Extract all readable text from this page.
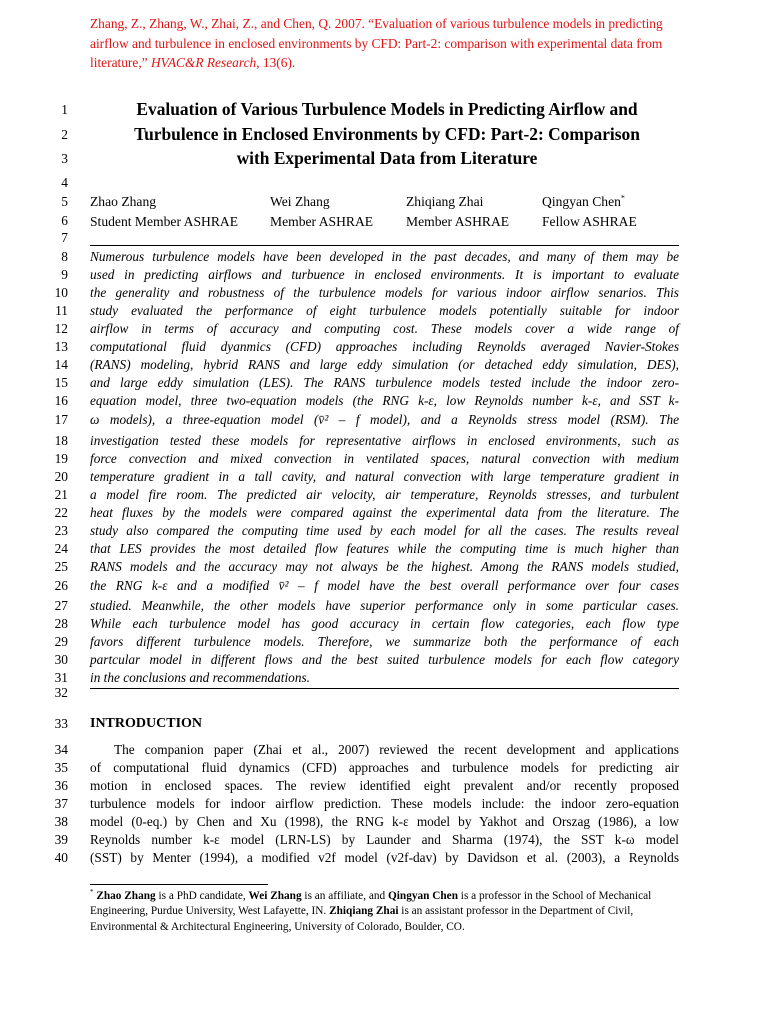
Zhang, Z., Zhang, W., Zhai, Z., and Chen, Q. 2007. “Evaluation of various turbulence models in predicting airflow and turbulence in enclosed environments by CFD: Part-2: comparison with experimental data from literature,” HVAC&R Research, 13(6).
1
2
3
4
5
6
7
8
9
10
11
12
13
14
15
16
17
18
19
20
21
22
23
24
25
26
27
28
29
30
31
32
33
34
35
36
37
38
39
40
Evaluation of Various Turbulence Models in Predicting Airflow and
Turbulence in Enclosed Environments by CFD: Part-2: Comparison
with Experimental Data from Literature
Zhao Zhang
Student Member ASHRAE
Wei Zhang
Member ASHRAE
Zhiqiang Zhai
Member ASHRAE
Qingyan Chen*
Fellow ASHRAE
Numerous turbulence models have been developed in the past decades, and many of them may be
used in predicting airflows and turbuence in enclosed environments. It is important to evaluate
the generality and robustness of the turbulence models for various indoor airflow senarios. This
study evaluated the performance of eight turbulence models potentially suitable for indoor
airflow in terms of accuracy and computing cost. These models cover a wide range of
computational fluid dyanmics (CFD) approaches including Reynolds averaged Navier-Stokes
(RANS) modeling, hybrid RANS and large eddy simulation (or detached eddy simulation, DES),
and large eddy simulation (LES). The RANS turbulence models tested include the indoor zero-
equation model, three two-equation models (the RNG k-ε, low Reynolds number k-ε, and SST k-
ω models), a three-equation model (v̄² – f model), and a Reynolds stress model (RSM). The
investigation tested these models for representative airflows in enclosed environments, such as
force convection and mixed convection in ventilated spaces, natural convection with medium
temperature gradient in a tall cavity, and natural convection with large temperature gradient in
a model fire room. The predicted air velocity, air temperature, Reynolds stresses, and turbulent
heat fluxes by the models were compared against the experimental data from the literature. The
study also compared the computing time used by each model for all the cases. The results reveal
that LES provides the most detailed flow features while the computing time is much higher than
RANS models and the accuracy may not always be the highest. Among the RANS models studied,
the RNG k-ε and a modified v̄² – f model have the best overall performance over four cases
studied. Meanwhile, the other models have superior performance only in some particular cases.
While each turbulence model has good accuracy in certain flow categories, each flow type
favors different turbulence models. Therefore, we summarize both the performance of each
partcular model in different flows and the best suited turbulence models for each flow category
in the conclusions and recommendations.
INTRODUCTION
The companion paper (Zhai et al., 2007) reviewed the recent development and applications
of computational fluid dynamics (CFD) approaches and turbulence models for predicting air
motion in enclosed spaces. The review identified eight prevalent and/or recently proposed
turbulence models for indoor airflow prediction. These models include: the indoor zero-equation
model (0-eq.) by Chen and Xu (1998), the RNG k-ε model by Yakhot and Orszag (1986), a low
Reynolds number k-ε model (LRN-LS) by Launder and Sharma (1974), the SST k-ω model
(SST) by Menter (1994), a modified v2f model (v2f-dav) by Davidson et al. (2003), a Reynolds
* Zhao Zhang is a PhD candidate, Wei Zhang is an affiliate, and Qingyan Chen is a professor in the School of Mechanical Engineering, Purdue University, West Lafayette, IN. Zhiqiang Zhai is an assistant professor in the Department of Civil, Environmental & Architectural Engineering, University of Colorado, Boulder, CO.
